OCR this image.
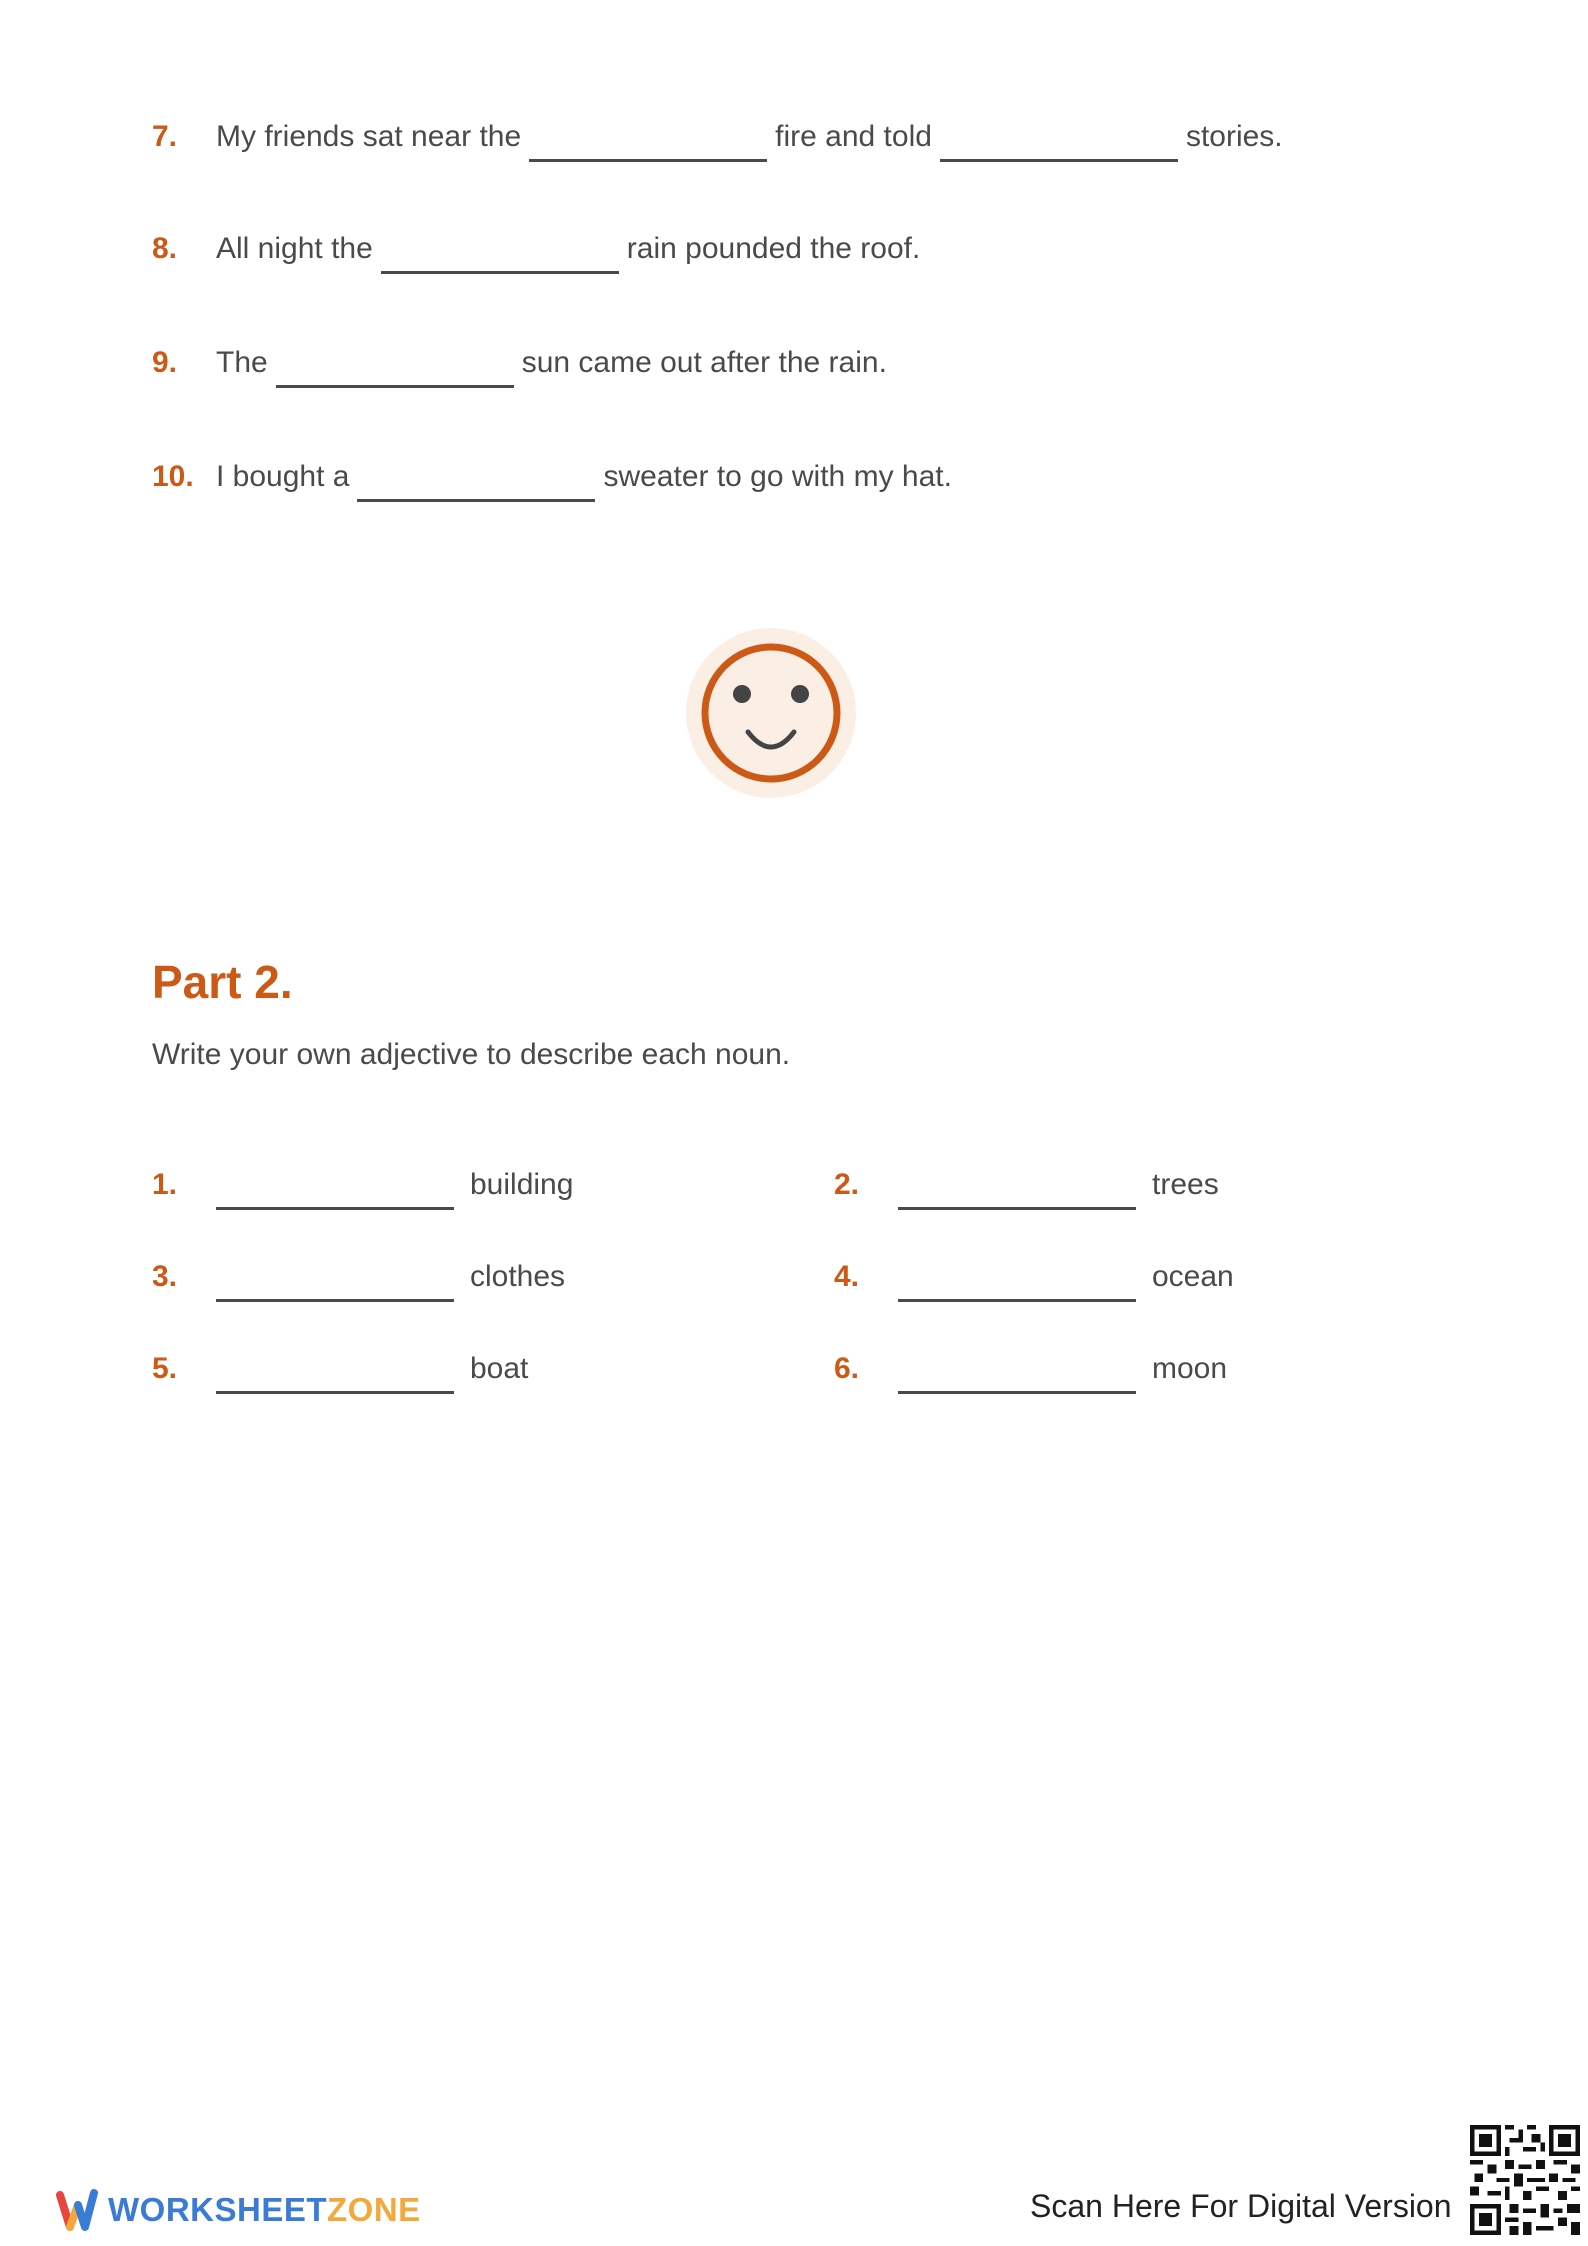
7.	My friends sat near the	fire and told	stories.
8.	All night the	rain pounded the roof.
9.	The	sun came out after the rain.
10. I bought a	sweater to go with my hat.
Part 2.
Write your own adjective to describe each noun.
1.	building	2.	trees
3.	clothes	4.	ocean
5.	boat	6.	moon
WORKSHEETZONE	Scan Here For Digital Version
